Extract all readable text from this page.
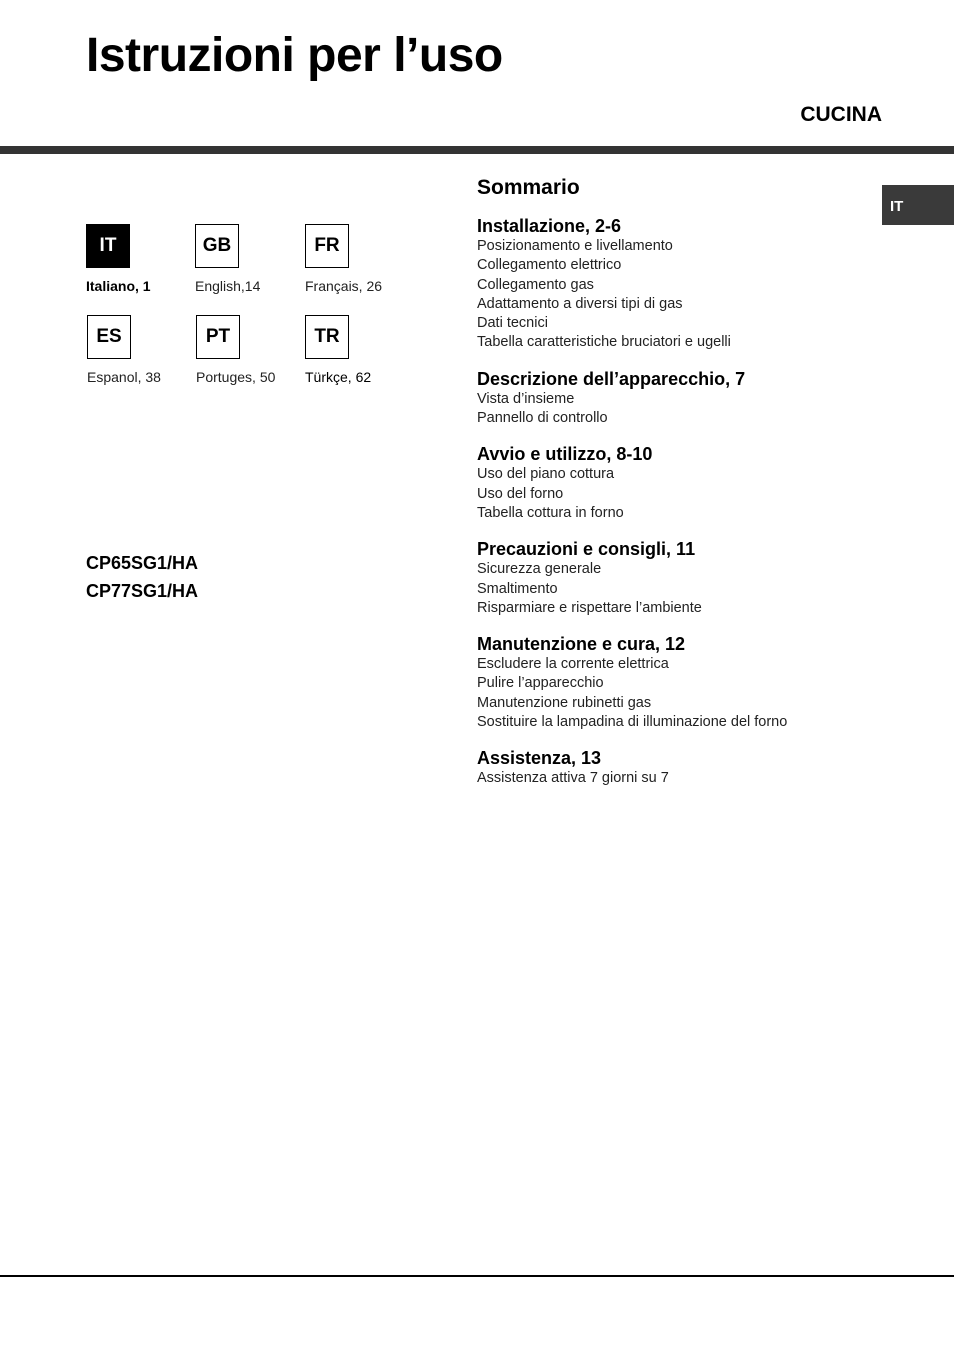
Istruzioni per l’uso
CUCINA
IT
IT
Italiano, 1
GB
English,14
FR
Français, 26
ES
Espanol, 38
PT
Portuges, 50
TR
Türkçe, 62
CP65SG1/HA
CP77SG1/HA
Sommario
Installazione, 2-6
Posizionamento e livellamento
Collegamento elettrico
Collegamento gas
Adattamento a diversi tipi di gas
Dati tecnici
Tabella caratteristiche bruciatori e ugelli
Descrizione dell’apparecchio, 7
Vista d’insieme
Pannello di controllo
Avvio e utilizzo, 8-10
Uso del piano cottura
Uso del forno
Tabella cottura in forno
Precauzioni e consigli, 11
Sicurezza generale
Smaltimento
Risparmiare e rispettare l’ambiente
Manutenzione e cura, 12
Escludere la corrente elettrica
Pulire l’apparecchio
Manutenzione rubinetti gas
Sostituire la lampadina di illuminazione del forno
Assistenza, 13
Assistenza attiva 7 giorni su 7
